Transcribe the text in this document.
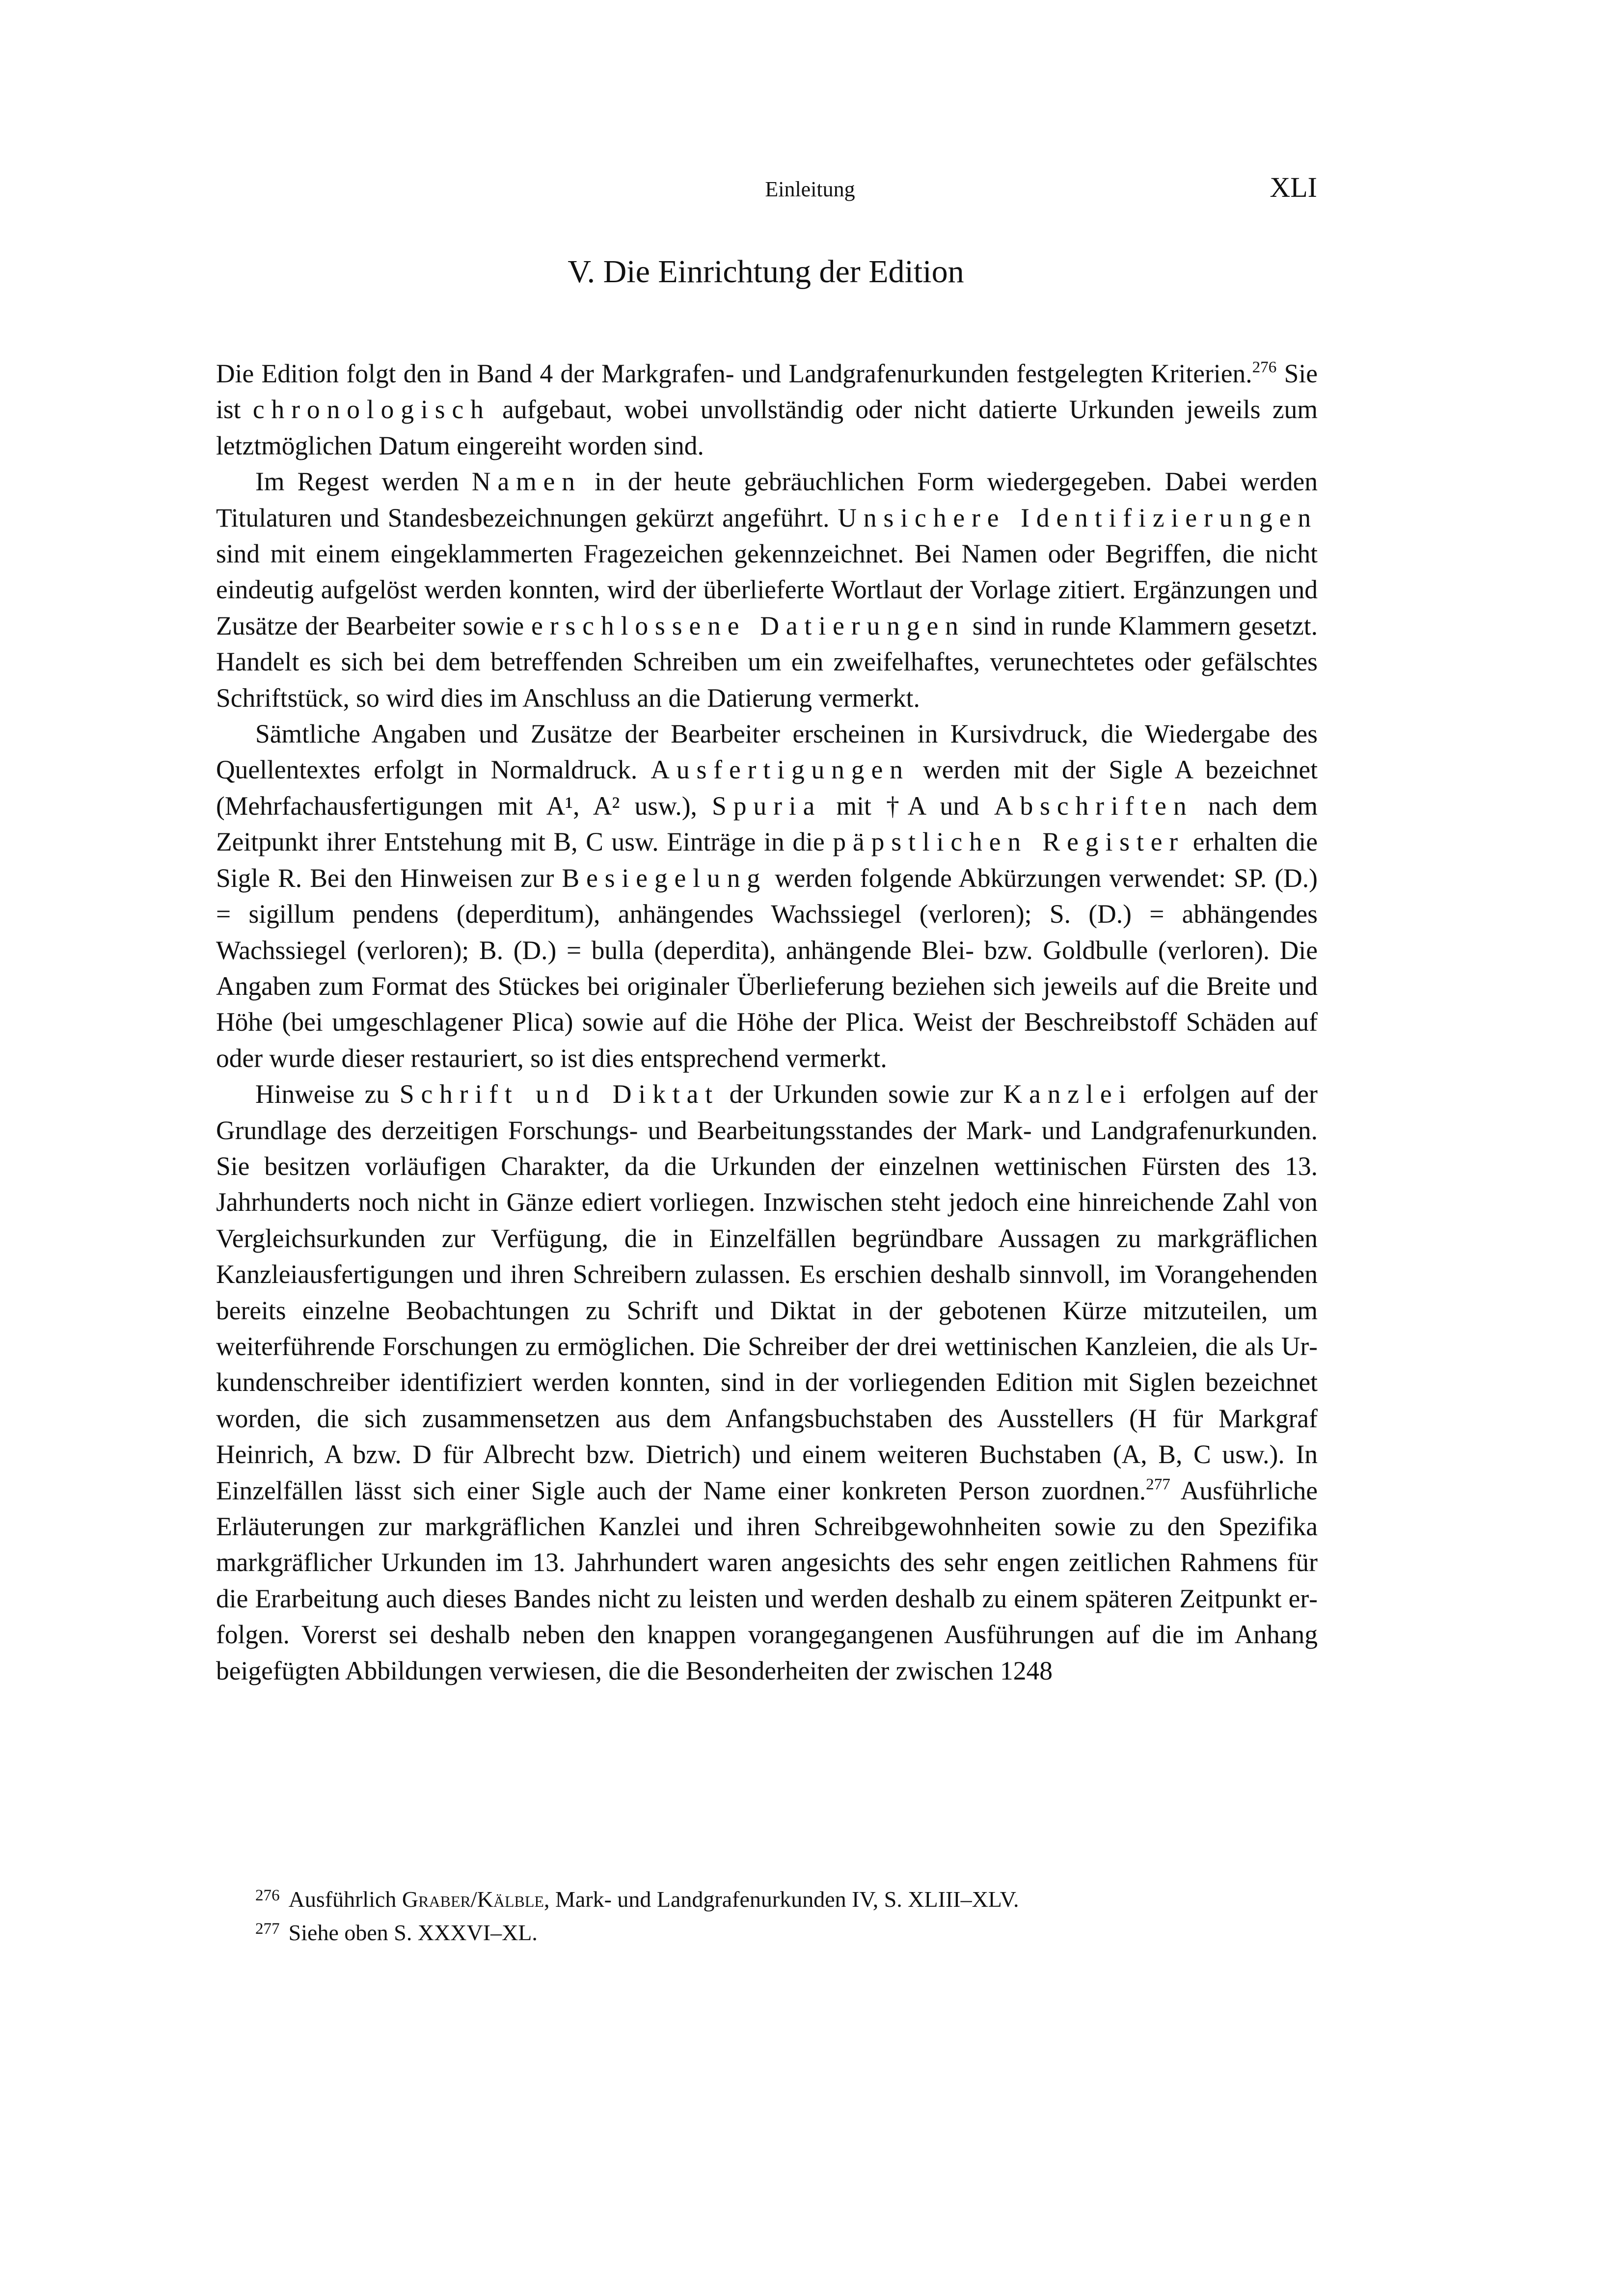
Einleitung	XLI
V. Die Einrichtung der Edition

Die Edition folgt den in Band 4 der Markgrafen- und Landgrafenurkunden festgelegten Kriterien.$^{276}$ Sie ist chronologisch aufgebaut, wobei unvollständig oder nicht datierte Urkunden jeweils zum letztmöglichen Datum eingereiht worden sind.

Im Regest werden Namen in der heute gebräuchlichen Form wiedergegeben. Dabei werden Titulaturen und Standesbezeichnungen gekürzt angeführt. Unsichere Identifizierungen sind mit einem eingeklammerten Fragezeichen gekennzeichnet. Bei Namen oder Begriffen, die nicht eindeutig aufgelöst werden konnten, wird der überlieferte Wortlaut der Vorlage zitiert. Ergänzungen und Zusätze der Bearbeiter sowie erschlossene Datierungen sind in runde Klammern gesetzt. Handelt es sich bei dem betreffenden Schreiben um ein zweifelhaftes, verunechtetes oder gefälschtes Schriftstück, so wird dies im Anschluss an die Datierung vermerkt.

Sämtliche Angaben und Zusätze der Bearbeiter erscheinen in Kursivdruck, die Wiedergabe des Quellentextes erfolgt in Normaldruck. Ausfertigungen werden mit der Sigle A bezeichnet (Mehrfachausfertigungen mit A¹, A² usw.), Spuria mit †A und Abschriften nach dem Zeitpunkt ihrer Entstehung mit B, C usw. Einträge in die päpstlichen Register erhalten die Sigle R. Bei den Hinweisen zur Besiegelung werden folgende Abkürzungen verwendet: SP. (D.) = sigillum pendens (deperditum), anhängendes Wachssiegel (verloren); S. (D.) = abhängendes Wachssiegel (verloren); B. (D.) = bulla (deperdita), anhängende Blei- bzw. Goldbulle (verloren). Die Angaben zum Format des Stückes bei originaler Überlieferung beziehen sich jeweils auf die Breite und Höhe (bei umgeschlagener Plica) sowie auf die Höhe der Plica. Weist der Beschreibstoff Schäden auf oder wurde dieser restauriert, so ist dies entsprechend vermerkt.

Hinweise zu Schrift und Diktat der Urkunden sowie zur Kanzlei erfolgen auf der Grundlage des derzeitigen Forschungs- und Bearbeitungsstandes der Mark- und Landgrafenurkunden. Sie besitzen vorläufigen Charakter, da die Urkunden der einzelnen wettinischen Fürsten des 13. Jahrhunderts noch nicht in Gänze ediert vorliegen. Inzwischen steht jedoch eine hinreichende Zahl von Vergleichsurkunden zur Verfügung, die in Einzelfällen begründbare Aussagen zu markgräflichen Kanzleiausfertigungen und ihren Schreibern zulassen. Es erschien deshalb sinnvoll, im Vorangehenden bereits einzelne Beobachtungen zu Schrift und Diktat in der gebotenen Kürze mitzuteilen, um weiterführende Forschungen zu ermöglichen. Die Schreiber der drei wettinischen Kanzleien, die als Urkundenschreiber identifiziert werden konnten, sind in der vorliegenden Edition mit Siglen bezeichnet worden, die sich zusammensetzen aus dem Anfangsbuchstaben des Ausstellers (H für Markgraf Heinrich, A bzw. D für Albrecht bzw. Dietrich) und einem weiteren Buchstaben (A, B, C usw.). In Einzelfällen lässt sich einer Sigle auch der Name einer konkreten Person zuordnen.$^{277}$ Ausführliche Erläuterungen zur markgräflichen Kanzlei und ihren Schreibgewohnheiten sowie zu den Spezifika markgräflicher Urkunden im 13. Jahrhundert waren angesichts des sehr engen zeitlichen Rahmens für die Erarbeitung auch dieses Bandes nicht zu leisten und werden deshalb zu einem späteren Zeitpunkt erfolgen. Vorerst sei deshalb neben den knappen vorangegangenen Ausführungen auf die im Anhang beigefügten Abbildungen verwiesen, die die Besonderheiten der zwischen 1248

$^{276}$ Ausführlich Graber/Kälble, Mark- und Landgrafenurkunden IV, S. XLIII–XLV.

$^{277}$ Siehe oben S. XXXVI–XL.
